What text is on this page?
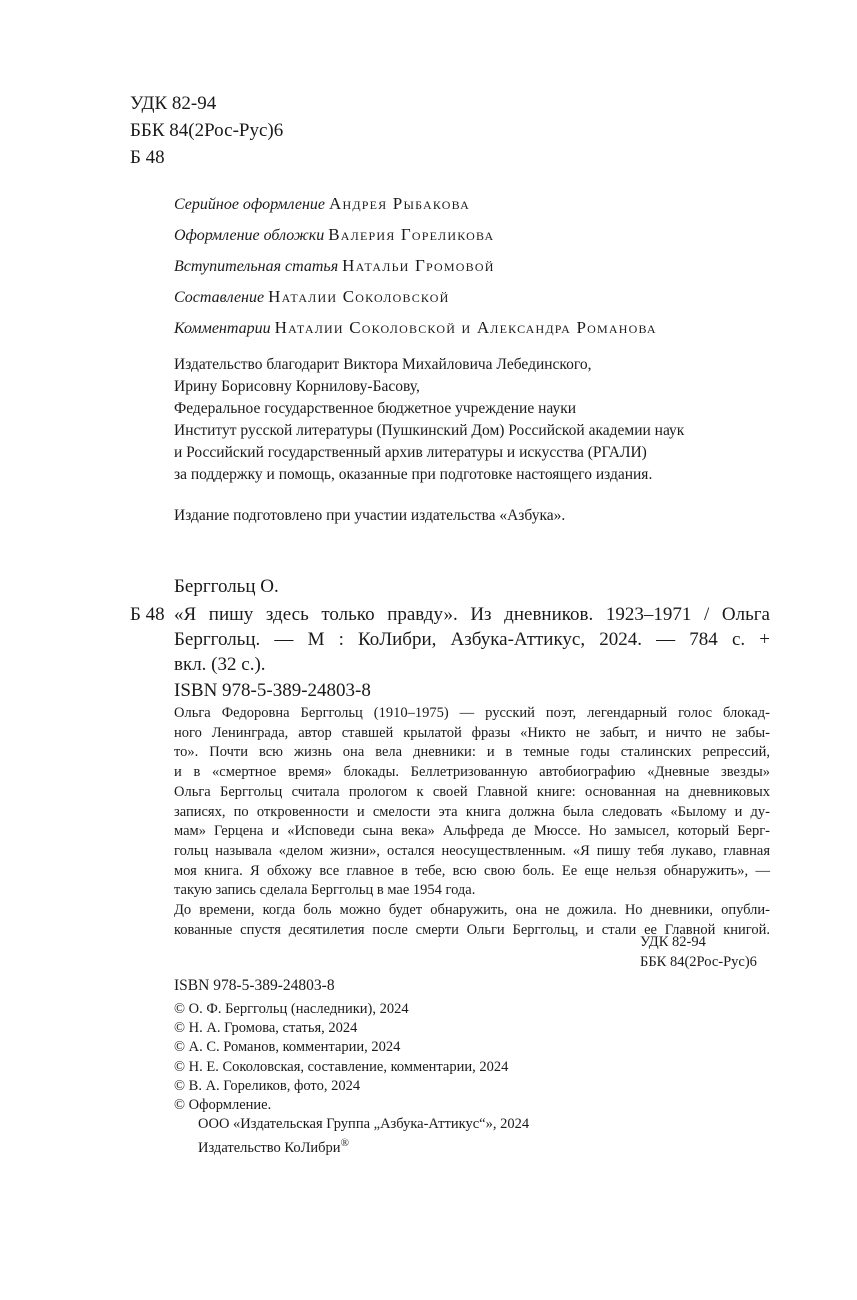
УДК 82-94
ББК 84(2Рос-Рус)6
Б 48
Серийное оформление Андрея Рыбакова
Оформление обложки Валерия Гореликова
Вступительная статья Натальи Громовой
Составление Наталии Соколовской
Комментарии Наталии Соколовской и Александра Романова
Издательство благодарит Виктора Михайловича Лебединского,
Ирину Борисовну Корнилову-Басову,
Федеральное государственное бюджетное учреждение науки
Институт русской литературы (Пушкинский Дом) Российской академии наук
и Российский государственный архив литературы и искусства (РГАЛИ)
за поддержку и помощь, оказанные при подготовке настоящего издания.
Издание подготовлено при участии издательства «Азбука».
Берггольц О.
Б 48 «Я пишу здесь только правду». Из дневников. 1923–1971 / Ольга
Берггольц. — М : КоЛибри, Азбука-Аттикус, 2024. — 784 с. +
вкл. (32 с.).
ISBN 978-5-389-24803-8
Ольга Федоровна Берггольц (1910–1975) — русский поэт, легендарный голос блокад-
ного Ленинграда, автор ставшей крылатой фразы «Никто не забыт, и ничто не забы-
то». Почти всю жизнь она вела дневники: и в темные годы сталинских репрессий,
и в «смертное время» блокады. Беллетризованную автобиографию «Дневные звезды»
Ольга Берггольц считала прологом к своей Главной книге: основанная на дневниковых
записях, по откровенности и смелости эта книга должна была следовать «Былому и ду-
мам» Герцена и «Исповеди сына века» Альфреда де Мюссе. Но замысел, который Берг-
гольц называла «делом жизни», остался неосуществленным. «Я пишу тебя лукаво, главная
моя книга. Я обхожу все главное в тебе, всю свою боль. Ее еще нельзя обнаружить», —
такую запись сделала Берггольц в мае 1954 года.
До времени, когда боль можно будет обнаружить, она не дожила. Но дневники, опубли-
кованные спустя десятилетия после смерти Ольги Берггольц, и стали ее Главной книгой.
УДК 82-94
ББК 84(2Рос-Рус)6
ISBN 978-5-389-24803-8
© О. Ф. Берггольц (наследники), 2024
© Н. А. Громова, статья, 2024
© А. С. Романов, комментарии, 2024
© Н. Е. Соколовская, составление, комментарии, 2024
© В. А. Гореликов, фото, 2024
© Оформление.
ООО «Издательская Группа „Азбука-Аттикус“», 2024
Издательство КоЛибри®
